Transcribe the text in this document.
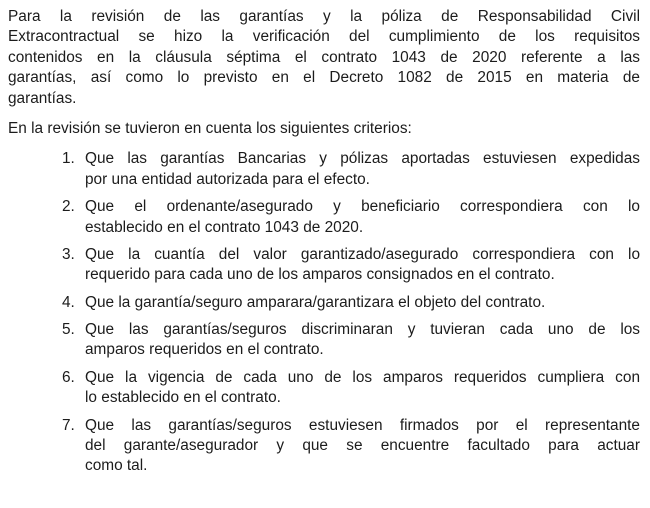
Para la revisión de las garantías y la póliza de Responsabilidad Civil
Extracontractual se hizo la verificación del cumplimiento de los requisitos
contenidos en la cláusula séptima el contrato 1043 de 2020 referente a las
garantías, así como lo previsto en el Decreto 1082 de 2015 en materia de
garantías.

En la revisión se tuvieron en cuenta los siguientes criterios:

1. Que las garantías Bancarias y pólizas aportadas estuviesen expedidas
por una entidad autorizada para el efecto.
2. Que el ordenante/asegurado y beneficiario correspondiera con lo
establecido en el contrato 1043 de 2020.
3. Que la cuantía del valor garantizado/asegurado correspondiera con lo
requerido para cada uno de los amparos consignados en el contrato.
4. Que la garantía/seguro amparara/garantizara el objeto del contrato.
5. Que las garantías/seguros discriminaran y tuvieran cada uno de los
amparos requeridos en el contrato.
6. Que la vigencia de cada uno de los amparos requeridos cumpliera con
lo establecido en el contrato.
7. Que las garantías/seguros estuviesen firmados por el representante
del garante/asegurador y que se encuentre facultado para actuar
como tal.
